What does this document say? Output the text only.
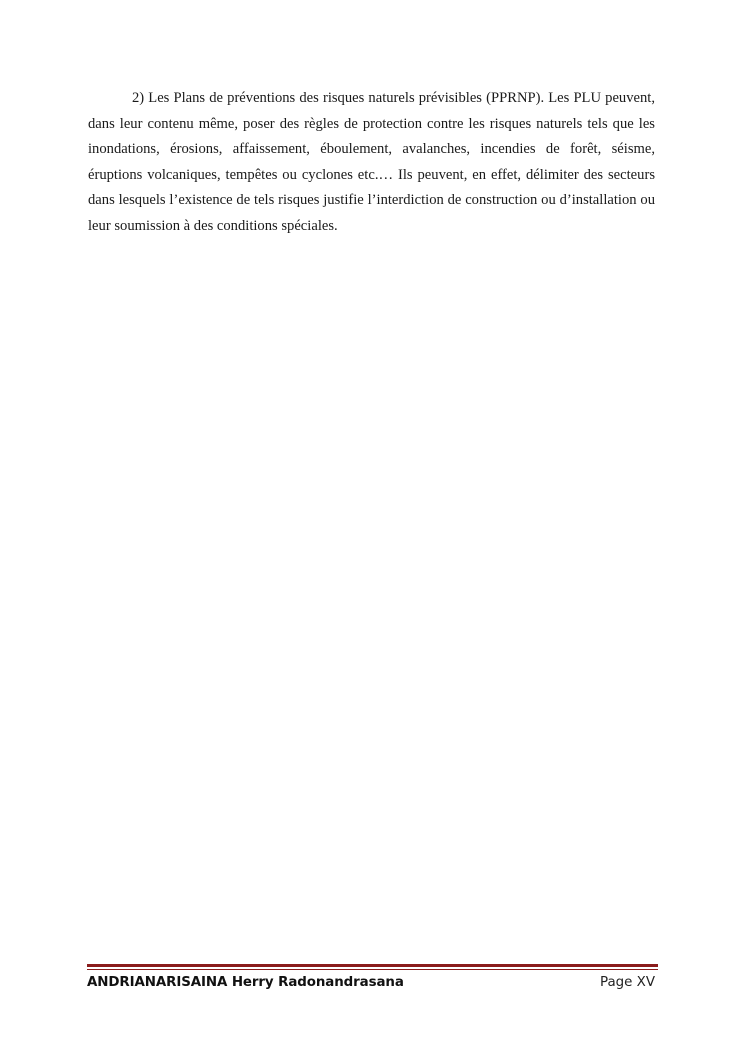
2) Les Plans de préventions des risques naturels prévisibles (PPRNP). Les PLU peuvent, dans leur contenu même, poser des règles de protection contre les risques naturels tels que les inondations, érosions, affaissement, éboulement, avalanches, incendies de forêt, séisme, éruptions volcaniques, tempêtes ou cyclones etc.… Ils peuvent, en effet, délimiter des secteurs dans lesquels l’existence de tels risques justifie l’interdiction de construction ou d’installation ou leur soumission à des conditions spéciales.

ANDRIANARISAINA Herry Radonandrasana	Page XV
